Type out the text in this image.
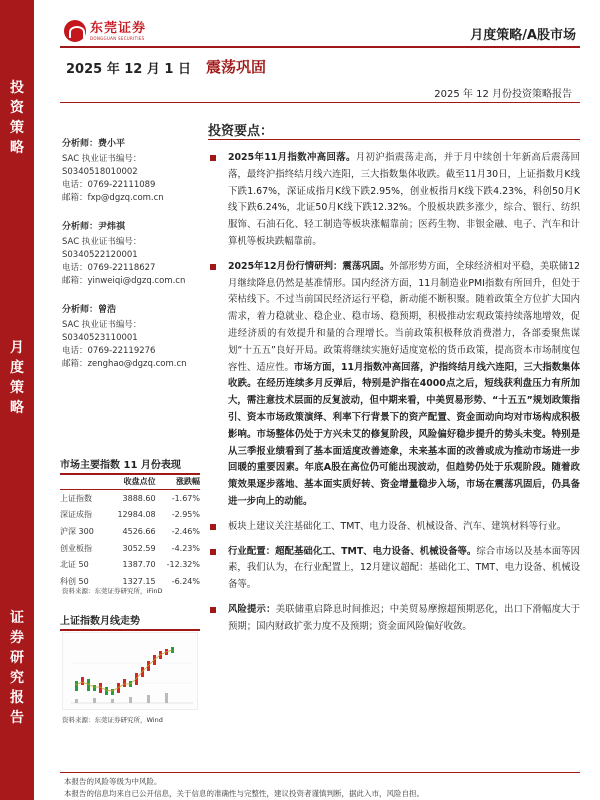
投
资
策
略
月
度
策
略
证
券
研
究
报
告
东莞证券
DONGGUAN SECURITIES	月度策略/A股市场
2025 年 12 月 1 日 震荡巩固
2025 年 12 月份投资策略报告
分析师：费小平
SAC 执业证书编号：
S0340518010002
电话：0769-22111089
邮箱：fxp@dgzq.com.cn
分析师：尹炜祺
SAC 执业证书编号：
S0340522120001
电话：0769-22118627
邮箱：yinweiqi@dgzq.com.cn
分析师：曾浩
SAC 执业证书编号：
S0340523110001
电话：0769-22119276
邮箱：zenghao@dgzq.com.cn
市场主要指数 11 月份表现
	收盘点位	涨跌幅
上证指数	3888.60	-1.67%
深证成指	12984.08	-2.95%
沪深 300	4526.66	-2.46%
创业板指	3052.59	-4.23%
北证 50	1387.70	-12.32%
科创 50	1327.15	-6.24%
资料来源：东莞证券研究所，iFinD
上证指数月线走势
资料来源：东莞证券研究所，Wind
投资要点：
2025年11月指数冲高回落。月初沪指震荡走高，并于月中续创十年新高后震荡回落，最终沪指终结月线六连阳，三大指数集体收跌。截至11月30日，上证指数月K线下跌1.67%，深证成指月K线下跌2.95%，创业板指月K线下跌4.23%，科创50月K线下跌6.24%，北证50月K线下跌12.32%。个股板块跌多涨少，综合、银行、纺织服饰、石油石化、轻工制造等板块涨幅靠前；医药生物、非银金融、电子、汽车和计算机等板块跌幅靠前。
2025年12月份行情研判：震荡巩固。外部形势方面，全球经济相对平稳，美联储12月继续降息仍然是基准情形。国内经济方面，11月制造业PMI指数有所回升，但处于荣枯线下。不过当前国民经济运行平稳，新动能不断积聚。随着政策全方位扩大国内需求，着力稳就业、稳企业、稳市场、稳预期，积极推动宏观政策持续落地增效，促进经济质的有效提升和量的合理增长。当前政策积极释放消费潜力，各部委聚焦谋划“十五五”良好开局。政策将继续实施好适度宽松的货币政策，提高资本市场制度包容性、适应性。市场方面，11月指数冲高回落，沪指终结月线六连阳，三大指数集体收跌。在经历连续多月反弹后，特别是沪指在4000点之后，短线获利盘压力有所加大，需注意技术层面的反复波动，但中期来看，中美贸易形势、“十五五”规划政策指引、资本市场政策演绎、利率下行背景下的资产配置、资金面动向均对市场构成积极影响。市场整体仍处于方兴未艾的修复阶段，风险偏好稳步提升的势头未变。特别是从三季报业绩看到了基本面适度改善迹象，未来基本面的改善或成为推动市场进一步回暖的重要因素。年底A股在高位仍可能出现波动，但趋势仍处于乐观阶段。随着政策效果逐步落地、基本面实质好转、资金增量稳步入场，市场在震荡巩固后，仍具备进一步向上的动能。
板块上建议关注基础化工、TMT、电力设备、机械设备、汽车、建筑材料等行业。
行业配置：超配基础化工、TMT、电力设备、机械设备等。综合市场以及基本面等因素，我们认为，在行业配置上，12月建议超配：基础化工、TMT、电力设备、机械设备等。
风险提示：美联储重启降息时间推迟；中美贸易摩擦超预期恶化，出口下滑幅度大于预期；国内财政扩张力度不及预期；资金面风险偏好收敛。
本报告的风险等级为中风险。
本报告的信息均来自已公开信息，关于信息的准确性与完整性，建议投资者谨慎判断，据此入市，风险自担。
